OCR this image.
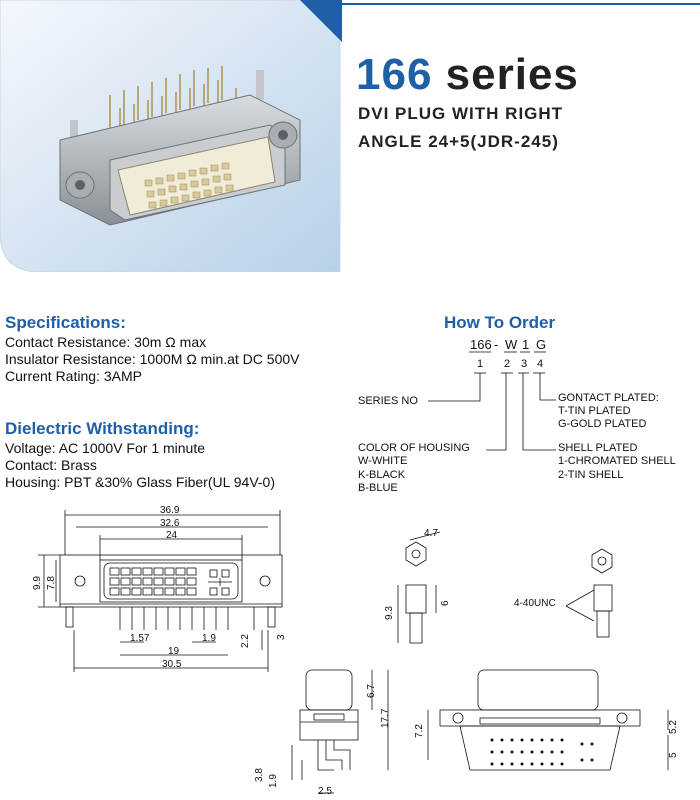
166 series
DVI PLUG WITH RIGHT
ANGLE 24+5(JDR-245)
Specifications:
Contact Resistance: 30m Ω max
Insulator Resistance: 1000M Ω min.at DC 500V
Current Rating: 3AMP
Dielectric Withstanding:
Voltage: AC 1000V For 1 minute
Contact: Brass
Housing: PBT &30% Glass Fiber(UL 94V-0)
How To Order
166 - W 1 G
1 2 3 4
SERIES NO
COLOR OF HOUSING
W-WHITE
K-BLACK
B-BLUE
GONTACT PLATED:
T-TIN PLATED
G-GOLD PLATED
SHELL PLATED
1-CHROMATED SHELL
2-TIN SHELL
36.9
32.6
24
9.9 7.8
1.57	1.9 2.2	3
19
30.5
4.7
9.3
6	4-40UNC
6.7
17.7
3.8 1.9
2.5
7.2	5.2
5
